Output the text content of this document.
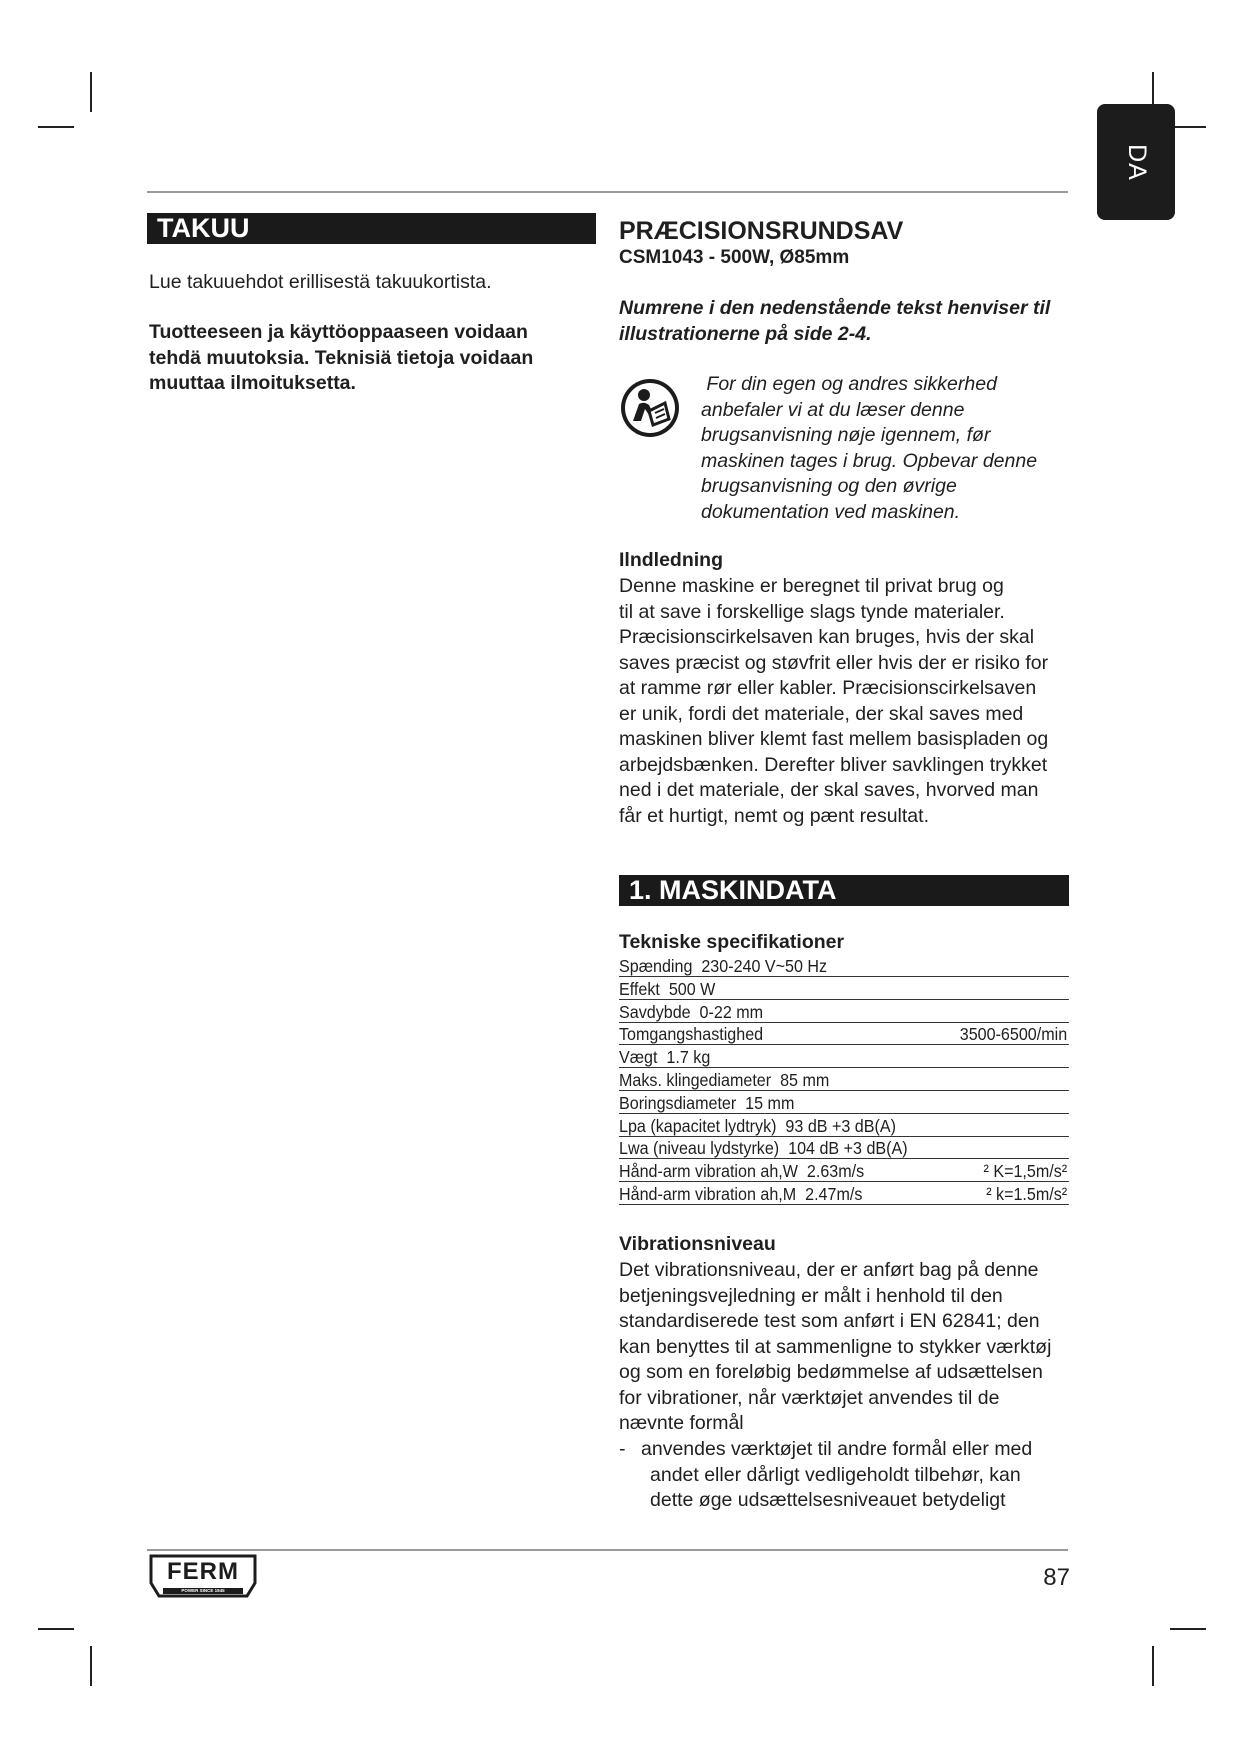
DA
TAKUU
Lue takuuehdot erillisestä takuukortista.
Tuotteeseen ja käyttöoppaaseen voidaan
tehdä muutoksia. Teknisiä tietoja voidaan
muuttaa ilmoituksetta.
PRÆCISIONSRUNDSAV
CSM1043 - 500W, Ø85mm
Numrene i den nedenstående tekst henviser til
illustrationerne på side 2-4.
For din egen og andres sikkerhed
anbefaler vi at du læser denne
brugsanvisning nøje igennem, før
maskinen tages i brug. Opbevar denne
brugsanvisning og den øvrige
dokumentation ved maskinen.
Ilndledning
Denne maskine er beregnet til privat brug og
til at save i forskellige slags tynde materialer.
Præcisionscirkelsaven kan bruges, hvis der skal
saves præcist og støvfrit eller hvis der er risiko for
at ramme rør eller kabler. Præcisionscirkelsaven
er unik, fordi det materiale, der skal saves med
maskinen bliver klemt fast mellem basispladen og
arbejdsbænken. Derefter bliver savklingen trykket
ned i det materiale, der skal saves, hvorved man
får et hurtigt, nemt og pænt resultat.
1. MASKINDATA
Tekniske specifikationer
Spænding  230-240 V~50 Hz
Effekt  500 W
Savdybde  0-22 mm
Tomgangshastighed	3500-6500/min
Vægt  1.7 kg
Maks. klingediameter  85 mm
Boringsdiameter  15 mm
Lpa (kapacitet lydtryk)  93 dB +3 dB(A)
Lwa (niveau lydstyrke)  104 dB +3 dB(A)
Hånd-arm vibration ah,W  2.63m/s	² K=1,5m/s²
Hånd-arm vibration ah,M  2.47m/s	² k=1.5m/s²
Vibrationsniveau
Det vibrationsniveau, der er anført bag på denne
betjeningsvejledning er målt i henhold til den
standardiserede test som anført i EN 62841; den
kan benyttes til at sammenligne to stykker værktøj
og som en foreløbig bedømmelse af udsættelsen
for vibrationer, når værktøjet anvendes til de
nævnte formål
- anvendes værktøjet til andre formål eller med
andet eller dårligt vedligeholdt tilbehør, kan
dette øge udsættelsesniveauet betydeligt
FERM
POWER SINCE 1945	87
